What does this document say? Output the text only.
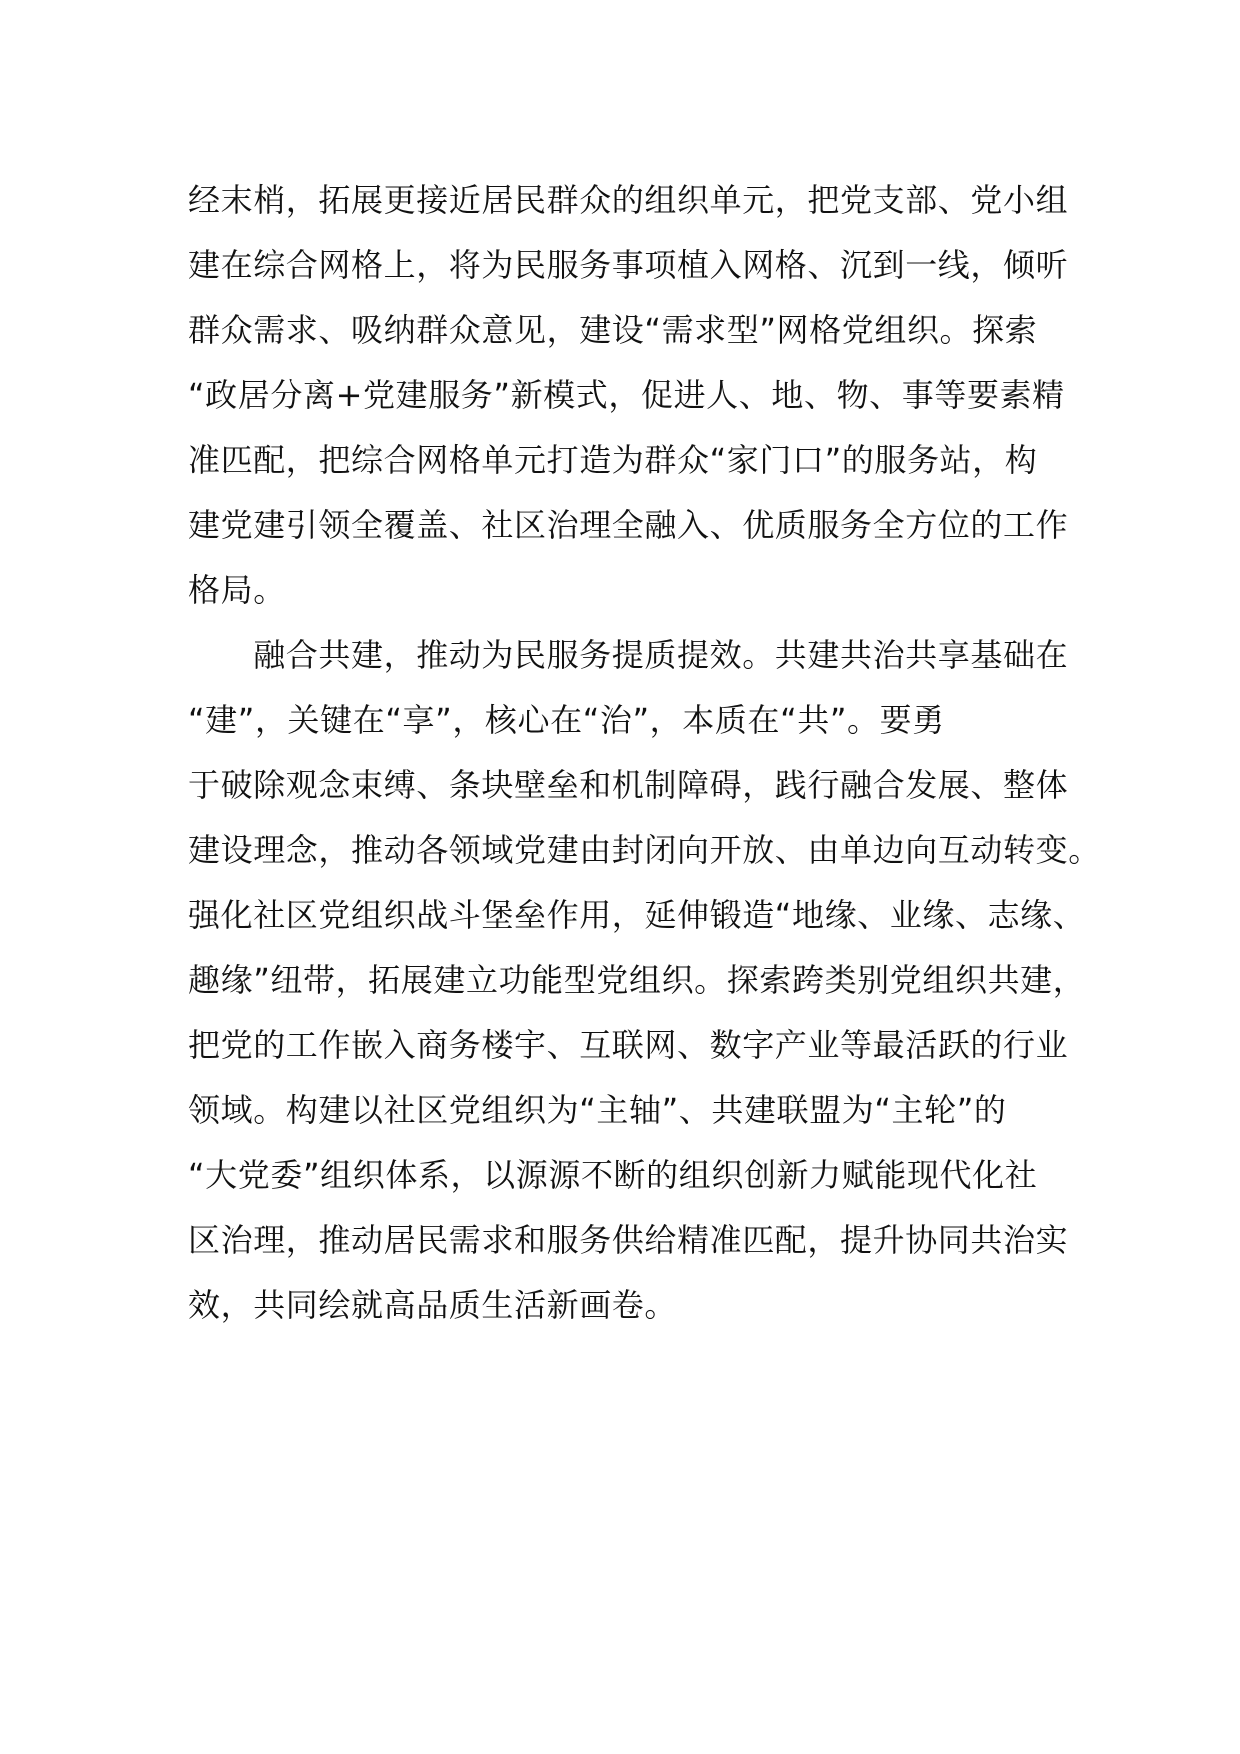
经末梢，拓展更接近居民群众的组织单元，把党支部、党小组
建在综合网格上，将为民服务事项植入网格、沉到一线，倾听
群众需求、吸纳群众意见，建设“需求型”网格党组织。探索
“政居分离+党建服务”新模式，促进人、地、物、事等要素精
准匹配，把综合网格单元打造为群众“家门口”的服务站，构
建党建引领全覆盖、社区治理全融入、优质服务全方位的工作
格局。
　　融合共建，推动为民服务提质提效。共建共治共享基础在
“建”，关键在“享”，核心在“治”，本质在“共”。要勇
于破除观念束缚、条块壁垒和机制障碍，践行融合发展、整体
建设理念，推动各领域党建由封闭向开放、由单边向互动转变。
强化社区党组织战斗堡垒作用，延伸锻造“地缘、业缘、志缘、
趣缘”纽带，拓展建立功能型党组织。探索跨类别党组织共建，
把党的工作嵌入商务楼宇、互联网、数字产业等最活跃的行业
领域。构建以社区党组织为“主轴”、共建联盟为“主轮”的
“大党委”组织体系，以源源不断的组织创新力赋能现代化社
区治理，推动居民需求和服务供给精准匹配，提升协同共治实
效，共同绘就高品质生活新画卷。
